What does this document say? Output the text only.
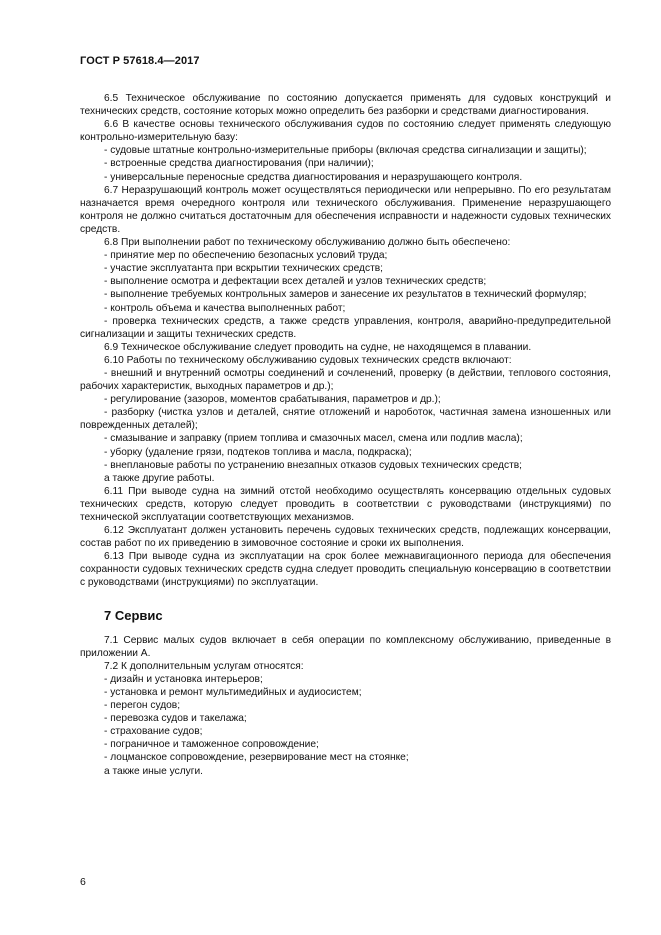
ГОСТ Р 57618.4—2017

6.5 Техническое обслуживание по состоянию допускается применять для судовых конструкций и технических средств, состояние которых можно определить без разборки и средствами диагностирования.

6.6 В качестве основы технического обслуживания судов по состоянию следует применять следующую контрольно-измерительную базу:

- судовые штатные контрольно-измерительные приборы (включая средства сигнализации и защиты);

- встроенные средства диагностирования (при наличии);

- универсальные переносные средства диагностирования и неразрушающего контроля.

6.7 Неразрушающий контроль может осуществляться периодически или непрерывно. По его результатам назначается время очередного контроля или технического обслуживания. Применение неразрушающего контроля не должно считаться достаточным для обеспечения исправности и надежности судовых технических средств.

6.8 При выполнении работ по техническому обслуживанию должно быть обеспечено:

- принятие мер по обеспечению безопасных условий труда;

- участие эксплуатанта при вскрытии технических средств;

- выполнение осмотра и дефектации всех деталей и узлов технических средств;

- выполнение требуемых контрольных замеров и занесение их результатов в технический формуляр;

- контроль объема и качества выполненных работ;

- проверка технических средств, а также средств управления, контроля, аварийно-предупредительной сигнализации и защиты технических средств.

6.9 Техническое обслуживание следует проводить на судне, не находящемся в плавании.

6.10 Работы по техническому обслуживанию судовых технических средств включают:

- внешний и внутренний осмотры соединений и сочленений, проверку (в действии, теплового состояния, рабочих характеристик, выходных параметров и др.);

- регулирование (зазоров, моментов срабатывания, параметров и др.);

- разборку (чистка узлов и деталей, снятие отложений и нароботок, частичная замена изношенных или поврежденных деталей);

- смазывание и заправку (прием топлива и смазочных масел, смена или подлив масла);

- уборку (удаление грязи, подтеков топлива и масла, подкраска);

- внеплановые работы по устранению внезапных отказов судовых технических средств;

а также другие работы.

6.11 При выводе судна на зимний отстой необходимо осуществлять консервацию отдельных судовых технических средств, которую следует проводить в соответствии с руководствами (инструкциями) по технической эксплуатации соответствующих механизмов.

6.12 Эксплуатант должен установить перечень судовых технических средств, подлежащих консервации, состав работ по их приведению в зимовочное состояние и сроки их выполнения.

6.13 При выводе судна из эксплуатации на срок более межнавигационного периода для обеспечения сохранности судовых технических средств судна следует проводить специальную консервацию в соответствии с руководствами (инструкциями) по эксплуатации.

7 Сервис

7.1 Сервис малых судов включает в себя операции по комплексному обслуживанию, приведенные в приложении А.

7.2 К дополнительным услугам относятся:

- дизайн и установка интерьеров;

- установка и ремонт мультимедийных и аудиосистем;

- перегон судов;

- перевозка судов и такелажа;

- страхование судов;

- пограничное и таможенное сопровождение;

- лоцманское сопровождение, резервирование мест на стоянке;

а также иные услуги.

6
